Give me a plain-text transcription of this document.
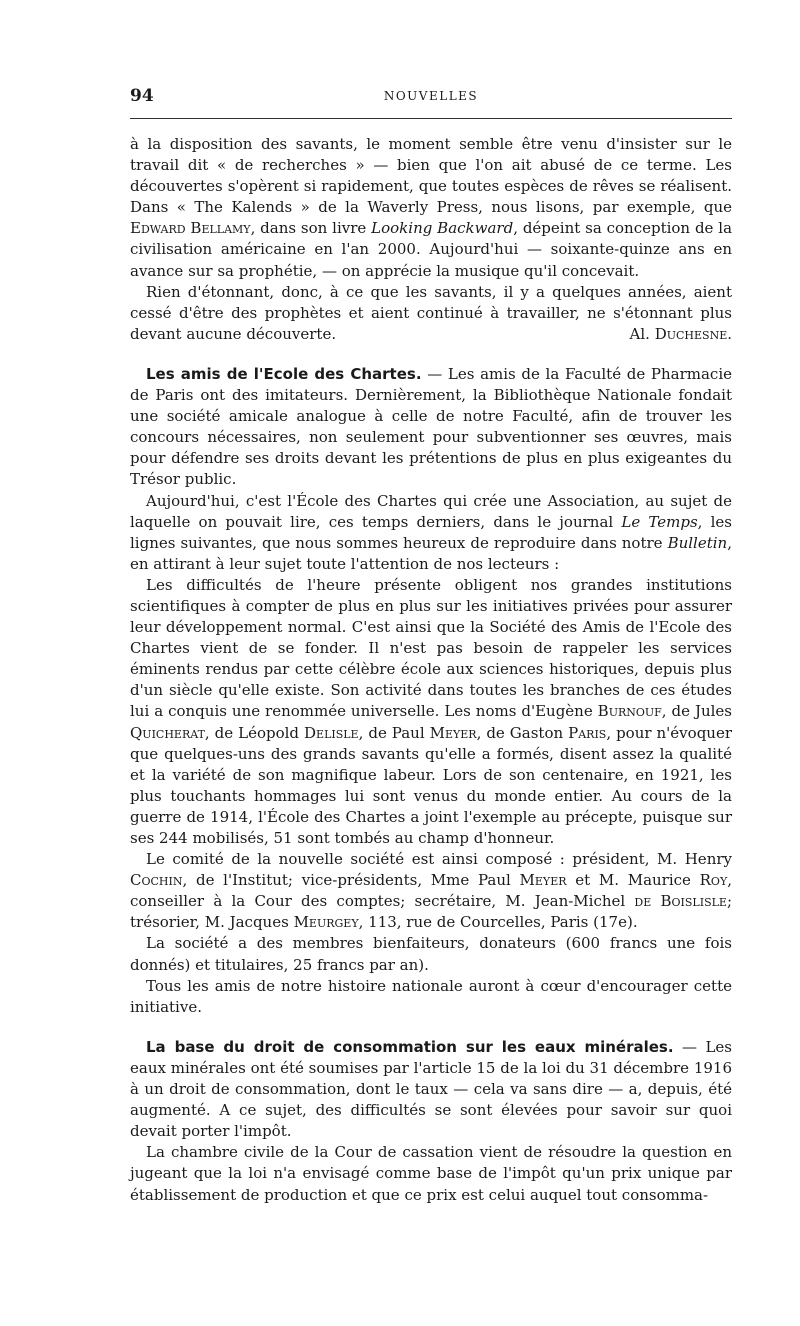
94	NOUVELLES

à la disposition des savants, le moment semble être venu d'insister sur le travail dit « de recherches » — bien que l'on ait abusé de ce terme. Les découvertes s'opèrent si rapidement, que toutes espèces de rêves se réalisent. Dans « The Kalends » de la Waverly Press, nous lisons, par exemple, que Edward Bellamy, dans son livre Looking Backward, dépeint sa conception de la civilisation américaine en l'an 2000. Aujourd'hui — soixante-quinze ans en avance sur sa prophétie, — on apprécie la musique qu'il concevait.

Rien d'étonnant, donc, à ce que les savants, il y a quelques années, aient cessé d'être des prophètes et aient continué à travailler, ne s'étonnant plus devant aucune découverte.	Al. Duchesne.

Les amis de l'Ecole des Chartes. — Les amis de la Faculté de Pharmacie de Paris ont des imitateurs. Dernièrement, la Bibliothèque Nationale fondait une société amicale analogue à celle de notre Faculté, afin de trouver les concours nécessaires, non seulement pour subventionner ses œuvres, mais pour défendre ses droits devant les prétentions de plus en plus exigeantes du Trésor public.

Aujourd'hui, c'est l'École des Chartes qui crée une Association, au sujet de laquelle on pouvait lire, ces temps derniers, dans le journal Le Temps, les lignes suivantes, que nous sommes heureux de reproduire dans notre Bulletin, en attirant à leur sujet toute l'attention de nos lecteurs :

Les difficultés de l'heure présente obligent nos grandes institutions scientifiques à compter de plus en plus sur les initiatives privées pour assurer leur développement normal. C'est ainsi que la Société des Amis de l'Ecole des Chartes vient de se fonder. Il n'est pas besoin de rappeler les services éminents rendus par cette célèbre école aux sciences historiques, depuis plus d'un siècle qu'elle existe. Son activité dans toutes les branches de ces études lui a conquis une renommée universelle. Les noms d'Eugène Burnouf, de Jules Quicherat, de Léopold Delisle, de Paul Meyer, de Gaston Paris, pour n'évoquer que quelques-uns des grands savants qu'elle a formés, disent assez la qualité et la variété de son magnifique labeur. Lors de son centenaire, en 1921, les plus touchants hommages lui sont venus du monde entier. Au cours de la guerre de 1914, l'École des Chartes a joint l'exemple au précepte, puisque sur ses 244 mobilisés, 51 sont tombés au champ d'honneur.

Le comité de la nouvelle société est ainsi composé : président, M. Henry Cochin, de l'Institut; vice-présidents, Mme Paul Meyer et M. Maurice Roy, conseiller à la Cour des comptes; secrétaire, M. Jean-Michel de Boislisle; trésorier, M. Jacques Meurgey, 113, rue de Courcelles, Paris (17e).

La société a des membres bienfaiteurs, donateurs (600 francs une fois donnés) et titulaires, 25 francs par an).

Tous les amis de notre histoire nationale auront à cœur d'encourager cette initiative.

La base du droit de consommation sur les eaux minérales. — Les eaux minérales ont été soumises par l'article 15 de la loi du 31 décembre 1916 à un droit de consommation, dont le taux — cela va sans dire — a, depuis, été augmenté. A ce sujet, des difficultés se sont élevées pour savoir sur quoi devait porter l'impôt.

La chambre civile de la Cour de cassation vient de résoudre la question en jugeant que la loi n'a envisagé comme base de l'impôt qu'un prix unique par établissement de production et que ce prix est celui auquel tout consomma-
